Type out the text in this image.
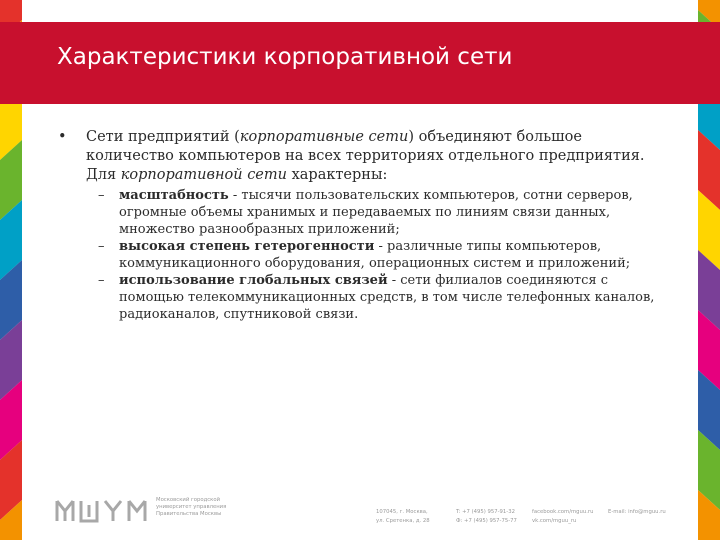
Характеристики корпоративной сети

• Сети предприятий (корпоративные сети) объединяют большое количество компьютеров на всех территориях отдельного предприятия. Для корпоративной сети характерны:

– масштабность - тысячи пользовательских компьютеров, сотни серверов, огромные объемы хранимых и передаваемых по линиям связи данных, множество разнообразных приложений;
– высокая степень гетерогенности - различные типы компьютеров, коммуникационного оборудования, операционных систем и приложений;
– использование глобальных связей - сети филиалов соединяются с помощью телекоммуникационных средств, в том числе телефонных каналов, радиоканалов, спутниковой связи.
Московский городской
университет управления
Правительства Москвы	107045, г. Москва,
ул. Сретенка, д. 28
T: +7 (495) 957-91-32
Ф: +7 (495) 957-75-77
facebook.com/mguu.ru
vk.com/mguu_ru
E-mail: info@mguu.ru
